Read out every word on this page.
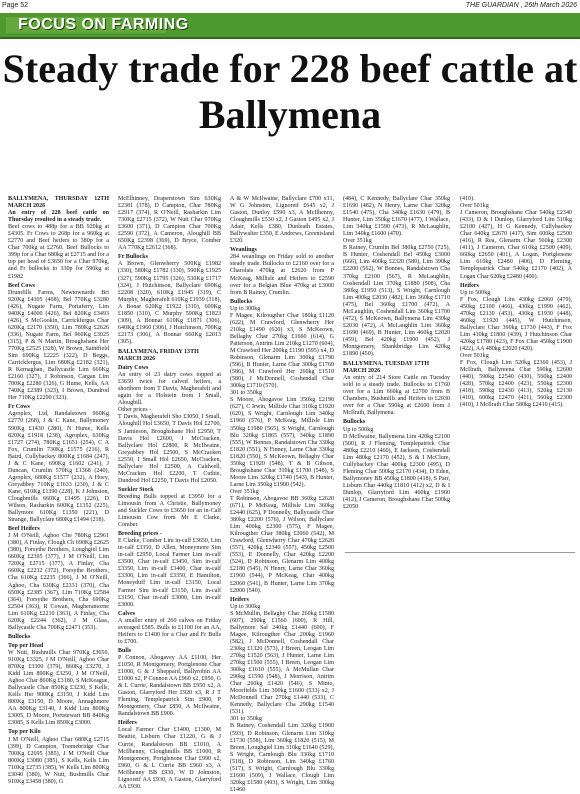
Page 52	THE GUARDIAN , 26th March 2026
FOCUS ON FARMING
Steady trade for 228 beef cattle at Ballymena

BALLYMENA, THURSDAY 12TH MARCH 2026

An entry of 228 beef cattle on Thursday resulted in a steady trade.

Beef cows to 488p for a BB 920kg at £4305. Fr Cows to 268p for a 960kg at £2770 and Beef heifers to 380p for a Char 700kg at £2760. Beef Bullocks to 399p for a Char 680kg at £2715 and for a top per head of £3650 for a Char 970kg, and Fr bullocks to 330p for 590kg at £1982

Beef Cows

Drumfills Farms, Newtownards Bri 920Kg £4305 (468), Bel 770Kg £3280 (426), Nugate Farm, Portaferry, Lim 940Kg £4000 (426), Bel 820Kg £3493 (426), S McGookin, Carrickfergus Char 620Kg £2170 (350), Lim 780Kg £2626 (336), Nugate Farm, Bel 960Kg £3025 (315), P & N Martin, Broughshane Her 770Kg £2525 (328), W Brown, Saintfield Sim 690Kg £2225 (322), D Beggs, Carrickfergus, Lim 680Kg £2182 (321), R Kernaghan, Ballycastle Lim 660Kg £2160 (327), J Robinson, Cargan Lim 700Kg £2280 (326), G Hume, Kells, AA 740Kg £2389 (323), I Brown, Dundrod Her 710Kg £2290 (323).

Fr Cows

Agroplex, Ltd, Randalstown 960Kg £2770 (268), J & C Kane, Ballymoney 590Kg £1430 (280), N Hume, Kells 820Kg £1918 (238), Agroplex, 630Kg £1727 (274), 780Kg £1651 (254), C A Fox, Crumlin 730Kg £1575 (216), R Baird, Cullybackey 800Kg £1684 (247), J & C Kane, 690Kg £1602 (241), J Duncan, Crumlin 570Kg £1368 (240), Agroplex, 680Kg £1577 (232), A Hoey, Greyabbey 710Kg £1633 (230), J & C Kane, 610Kg £1390 (228), K J Johnston, Cloughmills 660Kg £1495 (226), D Wilson, Rasharkin 600Kg £1352 (225), Ballymore 610Kg £1350 (221), D Strange, Ballyclare 680Kg £1494 (218).

Beef Heifers

J M O'Neill, Aghoo Che 780Kg £2961 (380), A Finlay, Clough Ch 690Kg £2625 (380), Forsythe Brothers, Loughgiel Lim 660Kg £2395 (377), J M O'Neill, Lim 720Kg £2715 (377), A Finlay, Cha 660Kg £2232 (372), Forsythe Brothers, Cha 610Kg £2235 (366), J M O'Neill, Aghoo, Cha 630Kg £2331 (370), Cha 650Kg £2385 (367), Lim 710Kg £2584 (364), Forsythe Brothers, Cha 690Kg £2504 (363), R Cowan, Magheramorne Lim 610Kg £2210 (363), A Finlay, Cha 620Kg £2244 (362), J M Glass, Ballycastle Cha 700Kg £2471 (353).

Bullocks

Top per Head

W Nutt, Bushmills Char 970Kg £3650, 910Kg £3325, J M O'Neill, Aghoo Char 870Kg £3300 (379), 860Kg £3270, J Kidd Lim 890Kg £3250, J M O'Neill, Aghoo Char 860Kg £3180, S McKeague, Ballycastle Char 850Kg £3230, S Kells, Kells Her 900Kg £3150, J Kidd Lim 800Kg £3150, D Moore, Annaghmore AA 800Kg £3140, J Kidd Lim 800Kg £3005, D Moore, Portstewart BB 840Kg £3085, S Kells Lim 850Kg £3000.

Top per Kilo

J M O'Neill, Aghoo Char 680Kg £2715 (399), D Campion, Toomebridge Char 700Kg £2695 (385), J M O'Neill Char 800Kg £3080 (385), S Kells, Kells Lim 710Kg £2735 (385), W Kells Lim 800Kg £3040 (380), W Nutt, Bushmills Char 910Kg £3458 (380), G

McElhinney, Draperstown Sim 630Kg £2381 (378), D Campion, Char 780Kg £2917 (374), R O'Neill, Rasharkin Lim 730Kg £2715 (372), W Nutt Char 970Kg £3600 (371), D Campion Char 700Kg £2590 (372), A Cameron, Aloughill BB 650Kg £2398 (369), D Bryce, Comber AA 770Kg £2612 (368).

Fr Bullocks

A Brown, Glenwherry 500Kg £1982 (330), 580Kg £1782 (330), 590Kg £1925 (327), 590Kg £1795 (326), 530Kg £1717 (324), J Hutchinson, Ballyclare 690Kg £2208 (320), 610Kg £1945 (319), C Murphy, Magherafelt 610Kg £1939 (318), A Bonar 620Kg £1922 (310), 600Kg £1850 (310), C Murphy 590Kg £1823 (309), A Bonnar 610Kg £1871 (306), 640Kg £1960 (306), J Hutchinson, 700Kg £2173 (306), A Bonnar 660Kg £2013 (305).

BALLYMENA, FRIDAY 13TH MARCH 2026

Dairy Cows

An entry of 23 dairy cows topped at £3650 twice for calved heifers, a shorthorn from T Davis, Magherafelt and again for a Holstein from I Small, Aloughill.

Other prices -

T Davis, Magherafelt Sho £3050, I Small, Aloughill Hol £3650, T Davis Hol £2700, S Jamieson, Broughshane Hol £2950, T Davis Hol £2600, J McCracken, Ballyclare Hol £2800, R McIlwaine, Greyabbey Hol £2500, S McCracken £2550, I Small Hol £2650, McCracken, Ballyclare Hol £2500, A Caldwell, McCracken Hol £2200, T Cuthie, Dundrod Hol £2250, T Davis Hol £2050.

Suckler Stock

Breeding Bulls topped at £3950 for a Limousin from A Christie, Ballymoney and Suckler Cows to £3650 for an in-Calf Limousin Cow from Mr E Clarke, Comber.

Breeding prices -

E Clarke, Comber Lim in-calf £3650, Lim in-calf £3350, D Allen, Moneymore Sim in-calf £2950, Local Farmer Lim in-calf £3500, Char in-calf £3450, Sim in-calf £3350, Lim in-calf £3400, Char in-calf £3300, Lim in-calf £3350, E Hamilton, Moneyduff Lim in-calf £3150, Local Farmer Sim in-calf £3150, Lim in-calf £3150, Char in-calf £3000, Lim in-calf £3000.

Calves

A smaller entry of 260 calves on Friday averaged £585. Bulls to £1100 for an AA, Heifers to £1400 for a Char and Fr Bulls to £700.

Bulls

P Connon, Ahogavey AA £1100, Her £1050, R Montgomery, Portglenone Char £1000, G & J Sheppard, Ballyrobin AA £1000 x2, P Connon AA £960 x2, £950, G & L Currie, Randalstown BB £950 x2, A Gaston, Glarryford Her £920 x3, R J T Fleming, Templepatrick Sim £900, P Montgomery, Char £850, A McIlwaine, Randalstown BB £900.

Heifers

Local Farmer Char £1400, £1300, M Beattie, Lisburn Char £1220, G & J Currie, Randalstown BB £1010, A McIlhenny, Cloughmills BB £1000, R Montgomery, Portglenone Char £990 x2, £960, G & L Currie BB £960 x3, A McIlhenny BB £930, W D Johnston, Lignoretf AA £930, A Gaston, Glarryford AA £930.

A & W McIlwaine, Ballyclare £700 x11, W G Johnston, Lignoretf £645 x2, J Gaston, Dunloy £590 x3, A McIlhenny, Cloughmills £530 x2, J Gaston £495 x2, J Adair, Kells £380, Dunleath Estates, Ballywalter £350, E Andrews, Greenisland £320.

Weanlings

284 weanlings on Friday sold to another steady trade. Bullocks to £2160 over for a Charolais 470kg at £2620 from P McKeag, Millisle and Heifers to £2590 over for a Belgian Blue 470kg at £3000 from B Rainey, Crumlin.

Bullocks

Up to 300kg

F Magee, Kilrougther Char 180kg £1120 (622), M Crawford, Glenwherry Her 210kg £1490 (620) x3, S McKeown, Bellaghy Char 270kg £1660 (614), G Patterson, Antrim Lim 210kg £1270 (604), M Crawford Her 200kg £1190 (595) x4, D Robinson, Glenarm Lim 300kg £1790 (596), B Hunter, Larne Char 300kg £1760 (586), M Crawford Her 260kg £1510 (580), J McDonnell, Coshendall Char 300kg £1710 (570).

301 to 350kg

S Moore, Ahogavoe Lim 350kg £2190 (627), C Irwin, Millisle Char 310kg £1920 (620), S Wright, Carnlough Lim 340kg £1960 (576), P McKeag, Millisle Lim 350kg £1980 (565), S Wright, Carnlough Blu 320kg £1865 (557), 340kg £1890 (555), W Bonnes, Randalstown Cha 330kg £1820 (551), N Finney, Larne Char 330kg £1820 (550), S McKeown, Bellaghy Char 350kg £1920 (548), T & B Gibson, Broughshane Char 310kg £1700 (548), S Moore Lim 320kg £1740 (543), B Hunter, Larne Lim 350kg £1900 (542).

Over 351kg

T Robinson, Ahogavoe BB 360kg £2620 (671), P McKeag, Millisle Lim 360kg £2440 (625), P Donnelly, Ballycastle Char 380kg £2200 (576), J Wilson, Ballyclare Lim 400kg £2300 (575), F Magee, Kilrougther Char 380kg £2060 (542), M Crawford, Glenwherry Char 470kg £2620 (557), 420kg £2340 (557), 450kg £2500 (553), E Donnelly, Char 420kg £2200 (524), D Robinson, Glenarm Lim 400kg £2180 (545), N Henry, Larne Char 360kg £1960 (544), P McKeag, Char 400kg £2060 (541), B Hunter, Larne Lim 370kg £2000 (540).

Heifers

Up to 300kg

S McMullin, Bellaghy Char 260kg £1580 (607), 290kg £1560 (600), R Hill, Ballymore Sal 240kg £1440 (600), F Magee, Kilrougther Char 200kg £1960 (582), J McDonnell, Coshendall Char 230kg £1320 (573), J Breen, Leogan Lim 270kg £1520 (563), J Hunter, Larne Lim 270kg £1500 (555), I Breen, Leogan Lim 300kg £1610 (555), A McMullan Char 290kg £1590 (548), J Morrison, Antrim Char 260kg £1420 (546), S Minto, Moorfields Lim 300kg £1600 (533) x2, J McDonnell Char 270kg £1440 (533), C Kennedy, Ballyclare Cha 290kg £1540 (531).

301 to 350kg

B Rainey, Coshendall Lim 320kg £1900 (593), D Robinson, Glenarm Lim 310kg £1730 (558), Lim 360kg £1820 (515), M Breen, Loughgiel Lim 310kg £1640 (529), S Wright, Carnlough Blu 330kg £1710 (518), D Robinson, Lim 340kg £1760 (517), S Wright, Carnlough Blu 330kg £1600 (509), J Wallace, Clough Lim 320kg £1580 (493), S Wright, Lim 300kg £1460

(484), C Kennedy, Ballyclare Char 350kg £1690 (482), N Henry, Larne Char 320kg £1540 (475), Cha 340kg £1630 (479), B Hunter, Lim 350kg £1670 (477), J Wallace, Lim 340kg £1590 (473), R McLaughlin, Lim 340kg £1600 (470).

Over 351kg

B Rainey, Crumlin Bel 380kg £2750 (725), B Hunter, Coshendall Bel 450kg £3000 (666), Lim 400kg £2320 (580), Lim 390kg £2200 (562), W Bonnes, Randalstown Cha 370kg £2100 (567), R McLaughlin, Coshendall Lim 370kg £1880 (508), Cha 380kg £1950 (513), S Wright, Carnlough Lim 400kg £2030 (482), Lim 360kg £1710 (475), Bel 360kg £1700 (472), A McLaughlin, Coshendall Lim 360kg £1700 (472), S McKeown, Ballymena Lim 430kg £2030 (472), A McLaughlin Lim 360kg £1690 (469), B Hunter, Lim 460kg £2020 (459), Bel 420kg £1900 (452), J Montgomery, Shankbridge Lim 420kg £1890 (450).

BALLYMENA, TUESDAY 17TH MARCH 2026

An entry of 214 Store Cattle on Tuesday sold to a steady trade. Bullocks to £1760 over for a Lim 660kg at £2700 from B Chambers, Bushmills and Heifers to £2030 over for a Char 590kg at £2600 from J McIlrath, Ballymena.

Bullocks

Up to 500kg

D McIlwaine, Ballymena Lim 420kg £2100 (500), R J Fleming, Templepatrick Char 480kg £2210 (460), E Jackson, Coshendall Lim 480kg £2170 (452), S & I McClure, Cullybackey Char 400kg £2300 (495), D Fleming Char 500kg £2170 (434), D Eden, Ballymoney BB 450kg £1800 (418), S Parr, Lisburn Char 440kg £1810 (412) x2, D & I Dunlop, Glarryford Lim 460kg £1900 (412), J Cameron, Broughshane Char 500kg £2050

(410).

Over 501kg

J Cameron, Broughshane Char 540kg £2340 (433), D & I Dunlop, Glarryford Lim 510kg £2100 (427), H G Kennedy, Cullybackey Char 640kg £2670 (417), Sim 600kg £2500 (416), R Rea, Glenarm Char 560kg £2300 (411), J Cameron, Char 610kg £2500 (409), 660kg £2650 (401), A Logan, Portglenone Lim 610kg £2480 (406), D Fleming, Templepatrick Char 540kg £2170 (402), A Logan Char 620kg £2480 (400).

Heifers

Up to 500kg

F Fox, Clough Lim 430kg £2060 (479), 450kg £2100 (466), 430kg £1990 (462), 470kg £2130 (453), 430kg £1930 (448), 460kg £1920 (445), W Hutchinson, Ballyclare Char 390kg £1730 (443), F Fox Lim 410kg £1800 (439), J Hutchinson Char 420kg £1780 (423), F Fox Char 450kg £1900 (422), AA 480kg £2020 (420).

Over 501kg

F Fox, Clough Lim 520kg £2360 (453), J McIlrath, Ballymena Char 590kg £2600 (440), 590kg £2540 (430), 560kg £2400 (428), 570kg £2400 (423), 550kg £2300 (418), 590kg £2430 (413), 520kg £2130 (410), 600kg £2470 (411), 560kg £2300 (410), J McIlrath Char 580kg £2410 (415).
